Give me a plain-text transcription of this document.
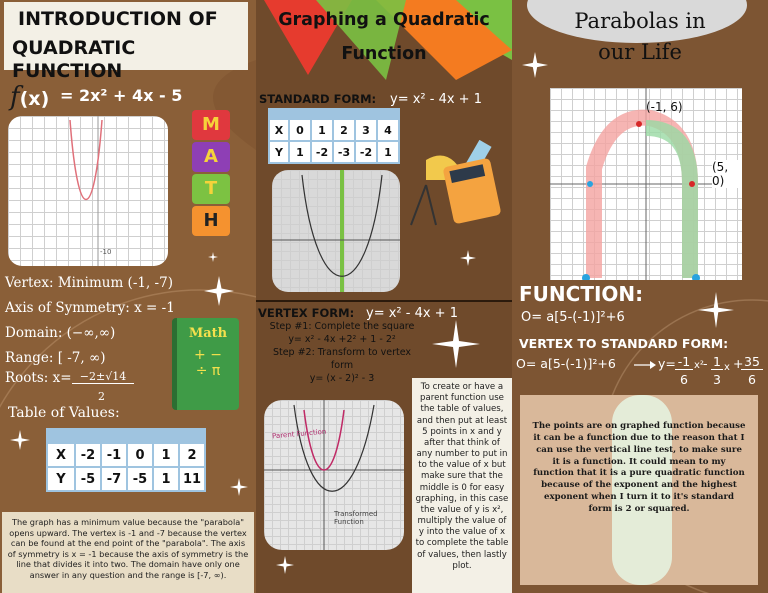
INTRODUCTION OF
QUADRATIC FUNCTION
f(x) = 2x² + 4x - 5
-10
M
A
T
H
Vertex: Minimum (-1, -7)
Axis of Symmetry: x = -1
Domain: (−∞,∞)
Range: [ -7, ∞)
Roots: x= −2±√14
2
Table of Values:
Math
+ −
÷ π

X	-2	-1	0	1	2
Y	-5	-7	-5	1	11
The graph has a minimum value because the "parabola" opens upward. The vertex is -1 and -7 because the vertex can be found at the end point of the "parabola". The axis of symmetry is x = -1 because the axis of symmetry is the line that divides it into two. The domain have only one answer in any question and the range is [-7, ∞).
Graphing a Quadratic
Function
STANDARD FORM: y= x² - 4x + 1

X	0	1	2	3	4
Y	1	-2	-3	-2	1
VERTEX FORM: y= x² - 4x + 1
Step #1: Complete the square
y= x² - 4x +2² + 1 - 2²
Step #2: Transform to vertex form
y= (x - 2)² - 3
Parent Function
Transformed Function
To create or have a parent function use the table of values, and then put at least 5 points in x and y after that think of any number to put in to the value of x but make sure that the middle is 0 for easy graphing, in this case the value of y is x², multiply the value of y into the value of x to complete the table of values, then lastly plot.
Parabolas in
our Life
(-1, 6)
(5, 0)
FUNCTION:
O= a[5-(-1)]²+6
VERTEX TO STANDARD FORM:
O= a[5-(-1)]²+6	y= -1
6
x² - 1
3
x + 35
6
The points are on graphed function because it can be a function due to the reason that I can use the vertical line test, to make sure it is a function. It could mean to my function that it is a pure quadratic function because of the exponent and the highest exponent when I turn it to it's standard form is 2 or squared.
